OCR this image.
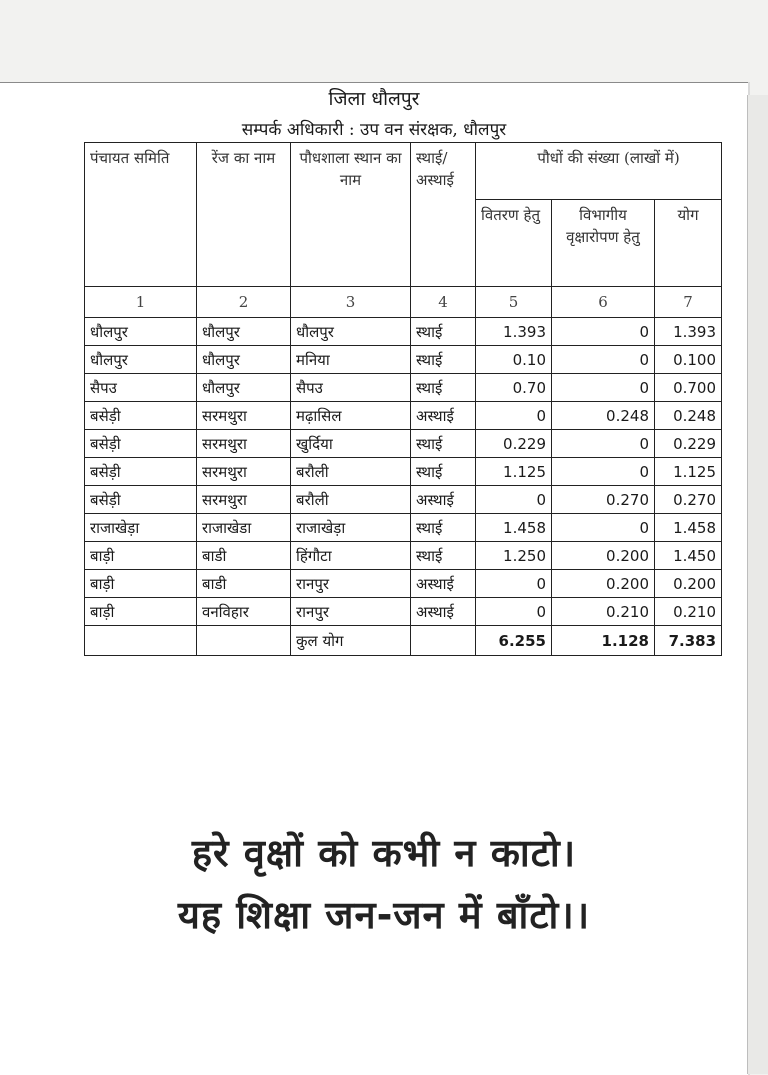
जिला धौलपुर
सम्पर्क अधिकारी : उप वन संरक्षक, धौलपुर
पंचायत समिति	रेंज का नाम	पौधशाला स्थान का नाम	स्थाई/ अस्थाई	पौधों की संख्या (लाखों में)		
				वितरण हेतु	विभागीय वृक्षारोपण हेतु	योग
1	2	3	4	5	6	7
धौलपुर	धौलपुर	धौलपुर	स्थाई	1.393	0	1.393
धौलपुर	धौलपुर	मनिया	स्थाई	0.10	0	0.100
सैपउ	धौलपुर	सैपउ	स्थाई	0.70	0	0.700
बसेड़ी	सरमथुरा	मढ़ासिल	अस्थाई	0	0.248	0.248
बसेड़ी	सरमथुरा	खुर्दिया	स्थाई	0.229	0	0.229
बसेड़ी	सरमथुरा	बरौली	स्थाई	1.125	0	1.125
बसेड़ी	सरमथुरा	बरौली	अस्थाई	0	0.270	0.270
राजाखेड़ा	राजाखेडा	राजाखेड़ा	स्थाई	1.458	0	1.458
बाड़ी	बाडी	हिंगौटा	स्थाई	1.250	0.200	1.450
बाड़ी	बाडी	रानपुर	अस्थाई	0	0.200	0.200
बाड़ी	वनविहार	रानपुर	अस्थाई	0	0.210	0.210
		कुल योग		6.255	1.128	7.383
हरे वृक्षों को कभी न काटो।
यह शिक्षा जन-जन में बाँटो।।
